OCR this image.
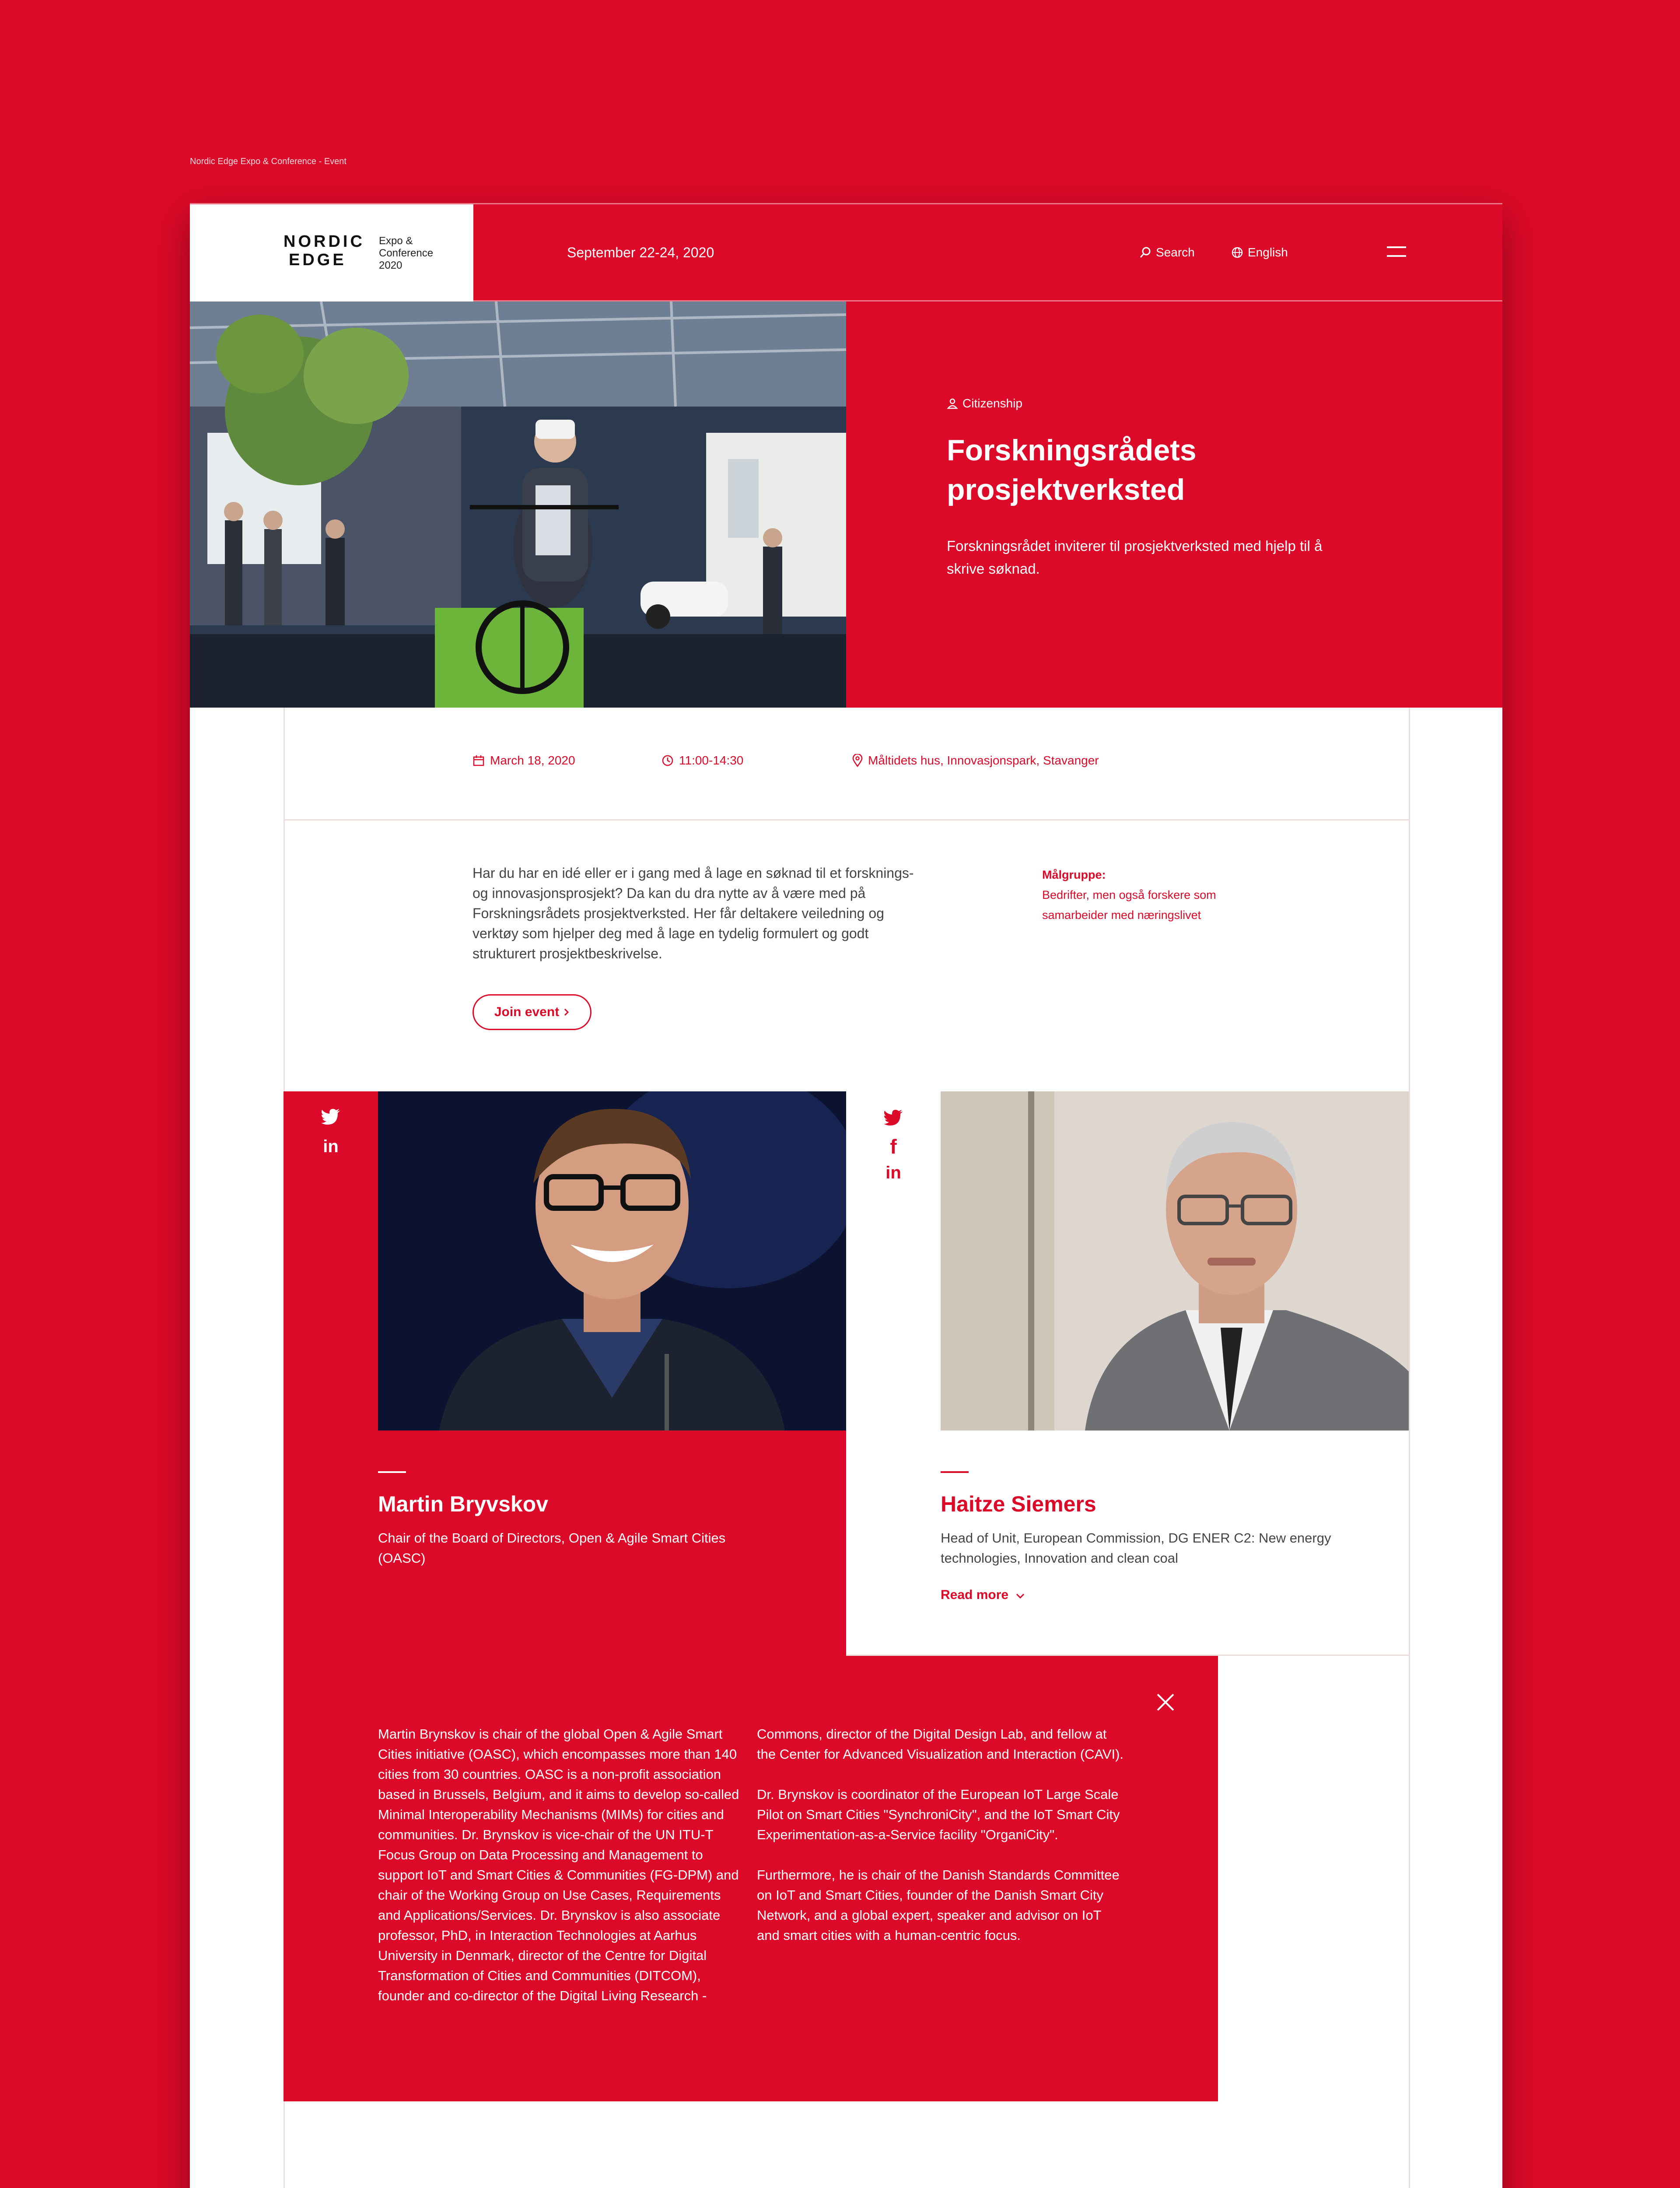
Nordic Edge Expo & Conference - Event
NORDIC
EDGE
Expo &
Conference
2020
September 22-24, 2020	Search	English
Citizenship
Forskningsrådets prosjektverksted
Forskningsrådet inviterer til prosjektverksted med hjelp til å skrive søknad.
March 18, 2020	11:00-14:30	Måltidets hus, Innovasjonspark, Stavanger
Har du har en idé eller er i gang med å lage en søknad til et forsknings- og innovasjonsprosjekt? Da kan du dra nytte av å være med på Forskningsrådets prosjektverksted. Her får deltakere veiledning og verktøy som hjelper deg med å lage en tydelig formulert og godt strukturert prosjektbeskrivelse.
Målgruppe:
Bedrifter, men også forskere som samarbeider med næringslivet
Join event
in
Martin Bryvskov
Chair of the Board of Directors, Open & Agile Smart Cities (OASC)
f
in
Haitze Siemers
Head of Unit, European Commission, DG ENER C2: New energy technologies, Innovation and clean coal
Read more
Martin Brynskov is chair of the global Open & Agile Smart Cities initiative (OASC), which encompasses more than 140 cities from 30 countries. OASC is a non-profit association based in Brussels, Belgium, and it aims to develop so-called Minimal Interoperability Mechanisms (MIMs) for cities and communities. Dr. Brynskov is vice-chair of the UN ITU-T Focus Group on Data Processing and Management to support IoT and Smart Cities & Communities (FG-DPM) and chair of the Working Group on Use Cases, Requirements and Applications/Services. Dr. Brynskov is also associate professor, PhD, in Interaction Technologies at Aarhus University in Denmark, director of the Centre for Digital Transformation of Cities and Communities (DITCOM), founder and co-director of the Digital Living Research -

Commons, director of the Digital Design Lab, and fellow at the Center for Advanced Visualization and Interaction (CAVI).

Dr. Brynskov is coordinator of the European IoT Large Scale Pilot on Smart Cities "SynchroniCity", and the IoT Smart City Experimentation-as-a-Service facility "OrganiCity".

Furthermore, he is chair of the Danish Standards Committee on IoT and Smart Cities, founder of the Danish Smart City Network, and a global expert, speaker and advisor on IoT and smart cities with a human-centric focus.
